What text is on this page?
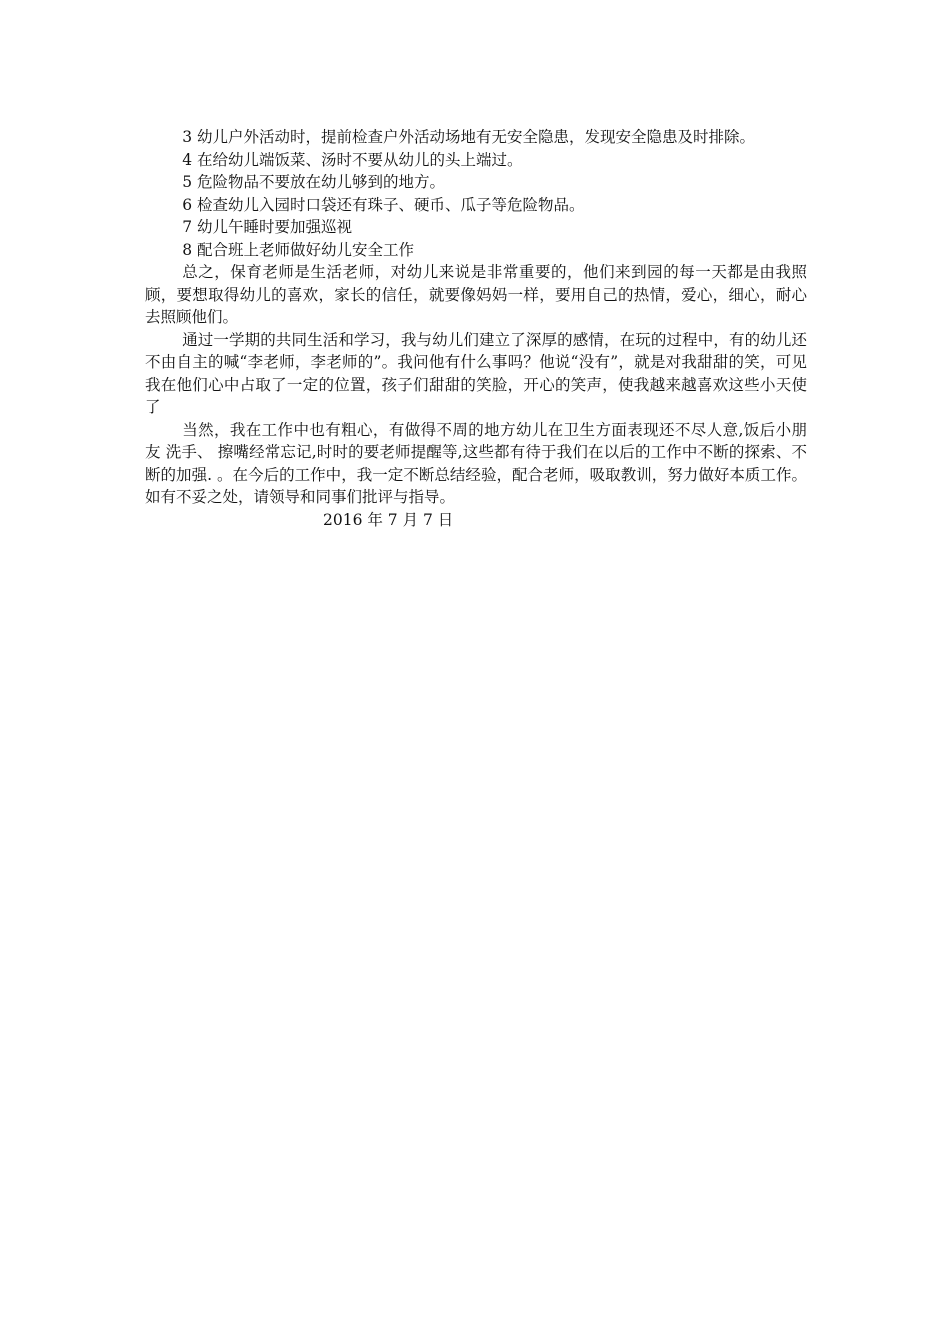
3 幼儿户外活动时，提前检查户外活动场地有无安全隐患，发现安全隐患及时排除。

4 在给幼儿端饭菜、汤时不要从幼儿的头上端过。

5 危险物品不要放在幼儿够到的地方。

6 检查幼儿入园时口袋还有珠子、硬币、瓜子等危险物品。

7 幼儿午睡时要加强巡视

8 配合班上老师做好幼儿安全工作

总之，保育老师是生活老师，对幼儿来说是非常重要的，他们来到园的每一天都是由我照顾，要想取得幼儿的喜欢，家长的信任，就要像妈妈一样，要用自己的热情，爱心，细心，耐心去照顾他们。

通过一学期的共同生活和学习，我与幼儿们建立了深厚的感情，在玩的过程中，有的幼儿还不由自主的喊“李老师，李老师的”。我问他有什么事吗？他说“没有”，就是对我甜甜的笑，可见我在他们心中占取了一定的位置，孩子们甜甜的笑脸，开心的笑声，使我越来越喜欢这些小天使了

当然，我在工作中也有粗心，有做得不周的地方幼儿在卫生方面表现还不尽人意,饭后小朋友 洗手、 擦嘴经常忘记,时时的要老师提醒等,这些都有待于我们在以后的工作中不断的探索、不断的加强. 。在今后的工作中，我一定不断总结经验，配合老师，吸取教训，努力做好本质工作。如有不妥之处，请领导和同事们批评与指导。

2016 年 7 月 7 日
